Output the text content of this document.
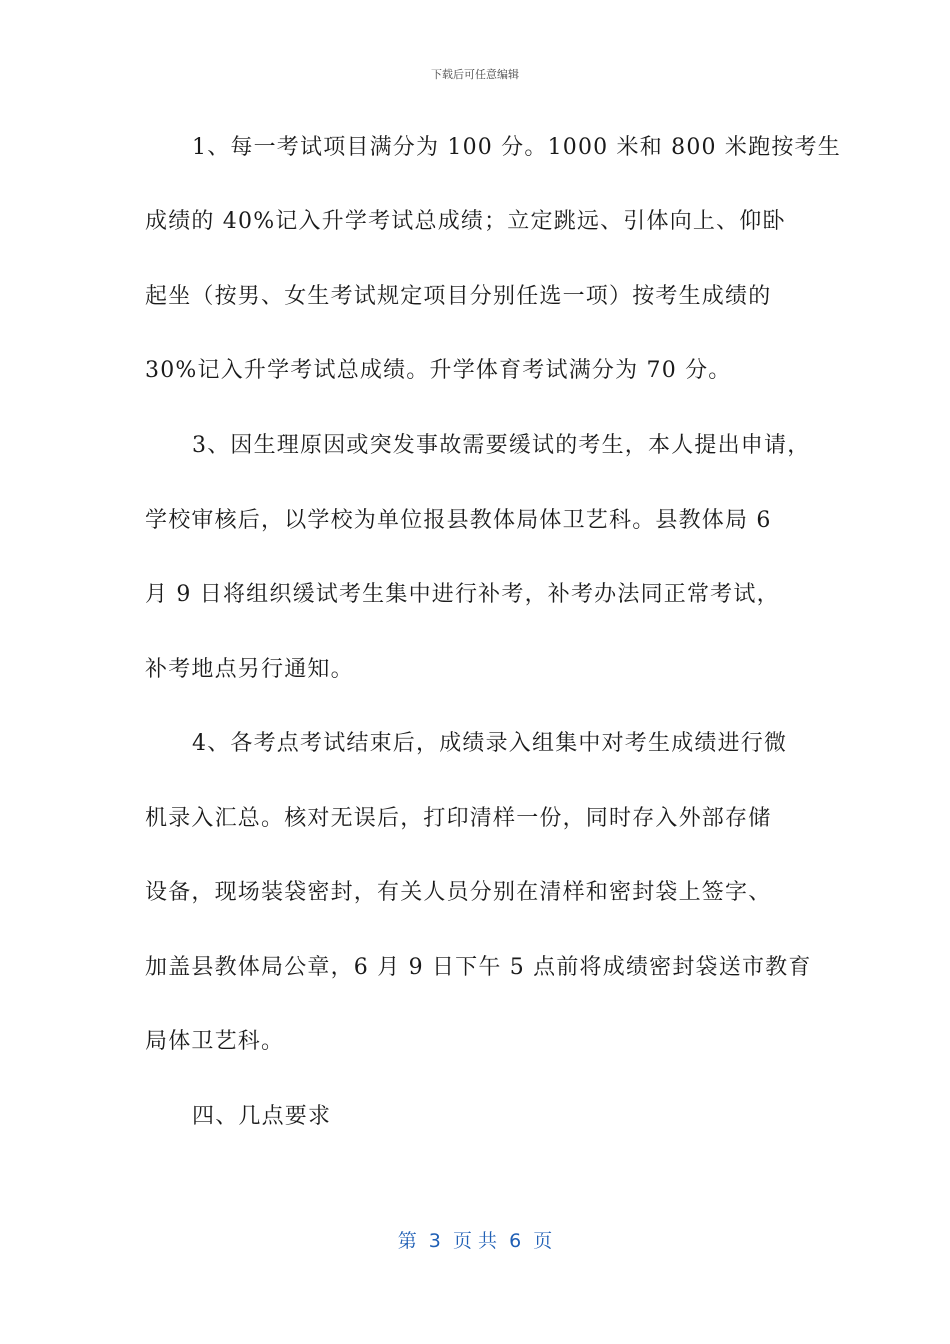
下载后可任意编辑
1、每一考试项目满分为 100 分。1000 米和 800 米跑按考生
成绩的 40%记入升学考试总成绩；立定跳远、引体向上、仰卧
起坐（按男、女生考试规定项目分别任选一项）按考生成绩的
30%记入升学考试总成绩。升学体育考试满分为 70 分。
3、因生理原因或突发事故需要缓试的考生，本人提出申请，
学校审核后，以学校为单位报县教体局体卫艺科。县教体局 6
月 9 日将组织缓试考生集中进行补考，补考办法同正常考试，
补考地点另行通知。
4、各考点考试结束后，成绩录入组集中对考生成绩进行微
机录入汇总。核对无误后，打印清样一份，同时存入外部存储
设备，现场装袋密封，有关人员分别在清样和密封袋上签字、
加盖县教体局公章，6 月 9 日下午 5 点前将成绩密封袋送市教育
局体卫艺科。
四、几点要求
第  3  页 共  6  页
